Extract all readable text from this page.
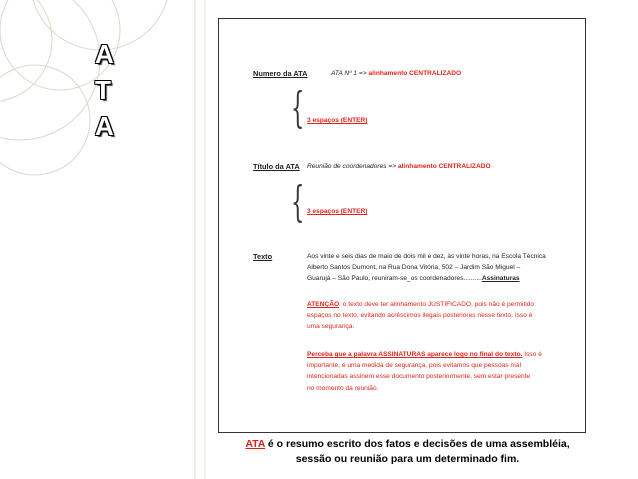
A
T
A
Numero da ATA	ATA Nº 1 => alinhamento CENTRALIZADO
{ 3 espaços (ENTER)
Título da ATA Reunião de coordenadores => alinhamento CENTRALIZADO
{ 3 espaços (ENTER)
Texto	Aos vinte e seis dias de maio de dois mil e dez, às vinte horas, na Escola Técnica
Alberto Santos Dumont, na Rua Dona Vitória, 502 – Jardim São Miguel –
Guarujá – São Paulo, reuniram-se_os coordenadores..........Assinaturas
ATENÇÃO: o texto deve ter alinhamento JUSTIFICADO, pois não é permitido
espaços no texto, evitando acréscimos ilegais posteriores nesse texto. Isso é
uma segurança.
Perceba que a palavra ASSINATURAS aparece logo no final do texto. Isso é
importante, é uma medida de segurança, pois evitamos que pessoas mal
intencionadas assinem esse documento posteriormente, sem estar presente
no momento da reunião.
ATA é o resumo escrito dos fatos e decisões de uma assembléia,
sessão ou reunião para um determinado fim.
